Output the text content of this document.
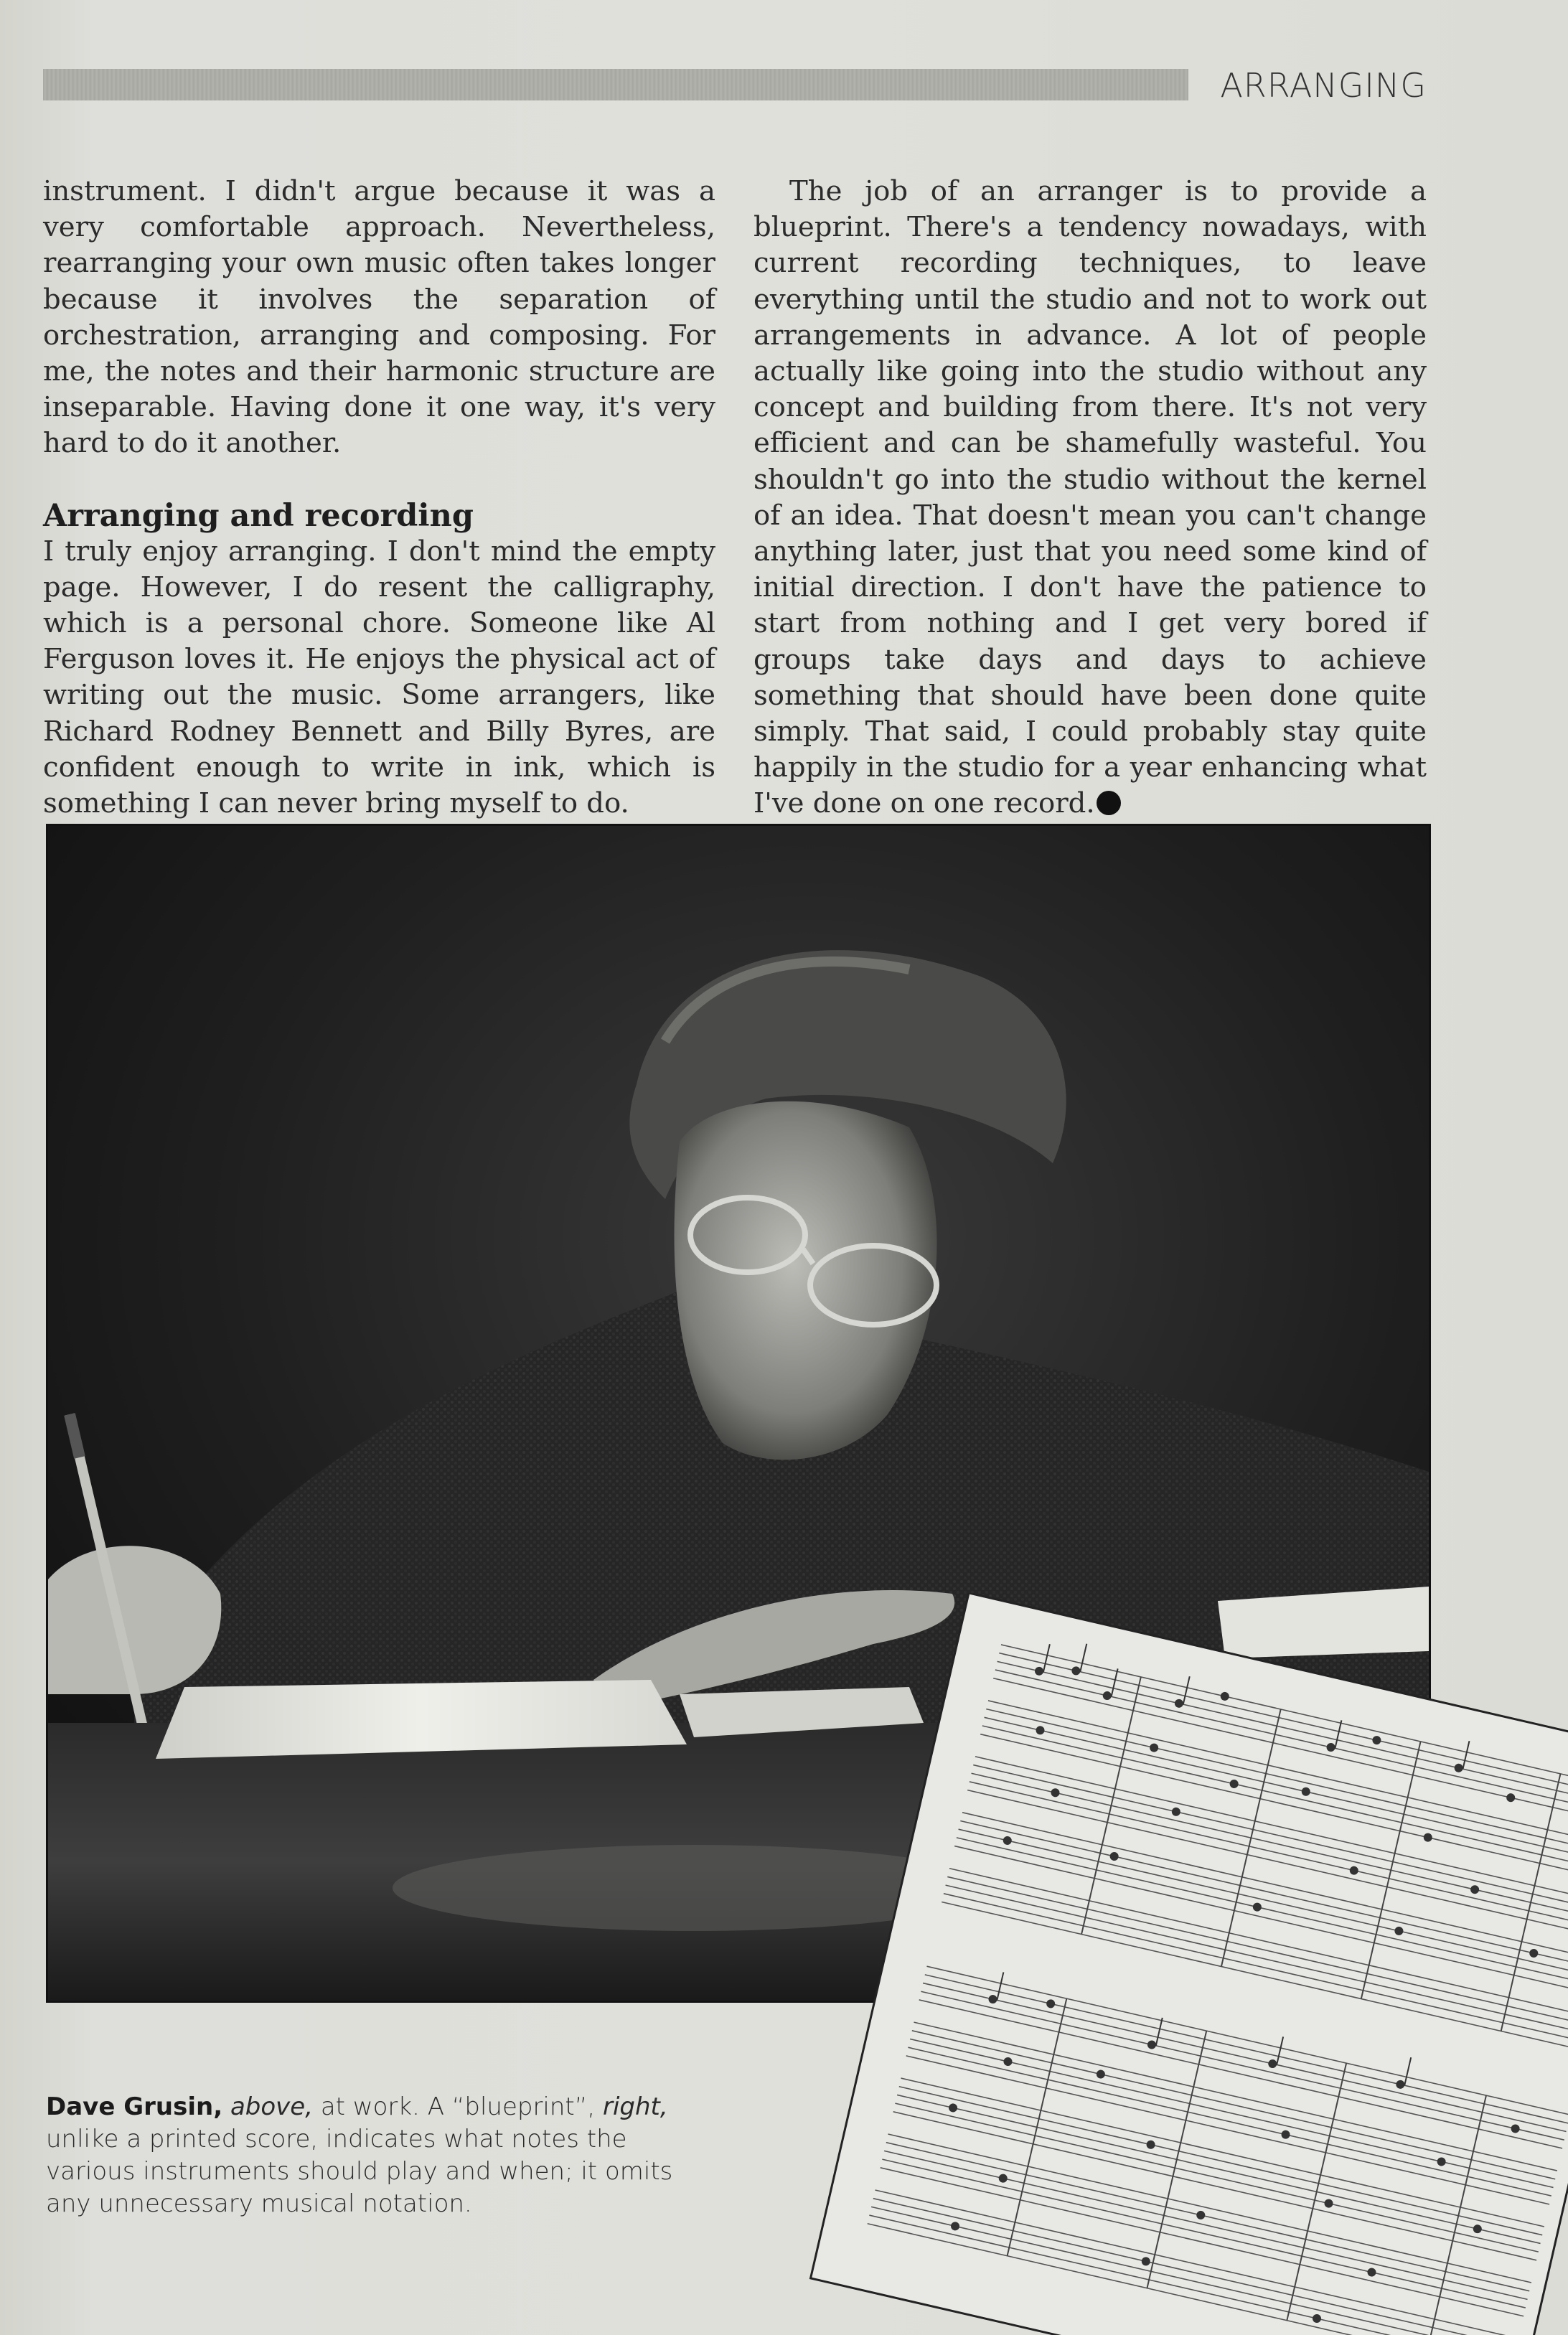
ARRANGING

instrument. I didn't argue because it was a very comfortable approach. Nevertheless, rearranging your own music often takes longer because it involves the separation of orchestration, arranging and composing. For me, the notes and their harmonic structure are inseparable. Having done it one way, it's very hard to do it another.

Arranging and recording

I truly enjoy arranging. I don't mind the empty page. However, I do resent the calligraphy, which is a personal chore. Someone like Al Ferguson loves it. He enjoys the physical act of writing out the music. Some arrangers, like Richard Rodney Bennett and Billy Byres, are confident enough to write in ink, which is something I can never bring myself to do.

The job of an arranger is to provide a blueprint. There's a tendency nowadays, with current recording techniques, to leave everything until the studio and not to work out arrangements in advance. A lot of people actually like going into the studio without any concept and building from there. It's not very efficient and can be shamefully wasteful. You shouldn't go into the studio without the kernel of an idea. That doesn't mean you can't change anything later, just that you need some kind of initial direction. I don't have the patience to start from nothing and I get very bored if groups take days and days to achieve something that should have been done quite simply. That said, I could probably stay quite happily in the studio for a year enhancing what I've done on one record.

Dave Grusin, above, at work. A “blueprint”, right, unlike a printed score, indicates what notes the various instruments should play and when; it omits any unnecessary musical notation.
